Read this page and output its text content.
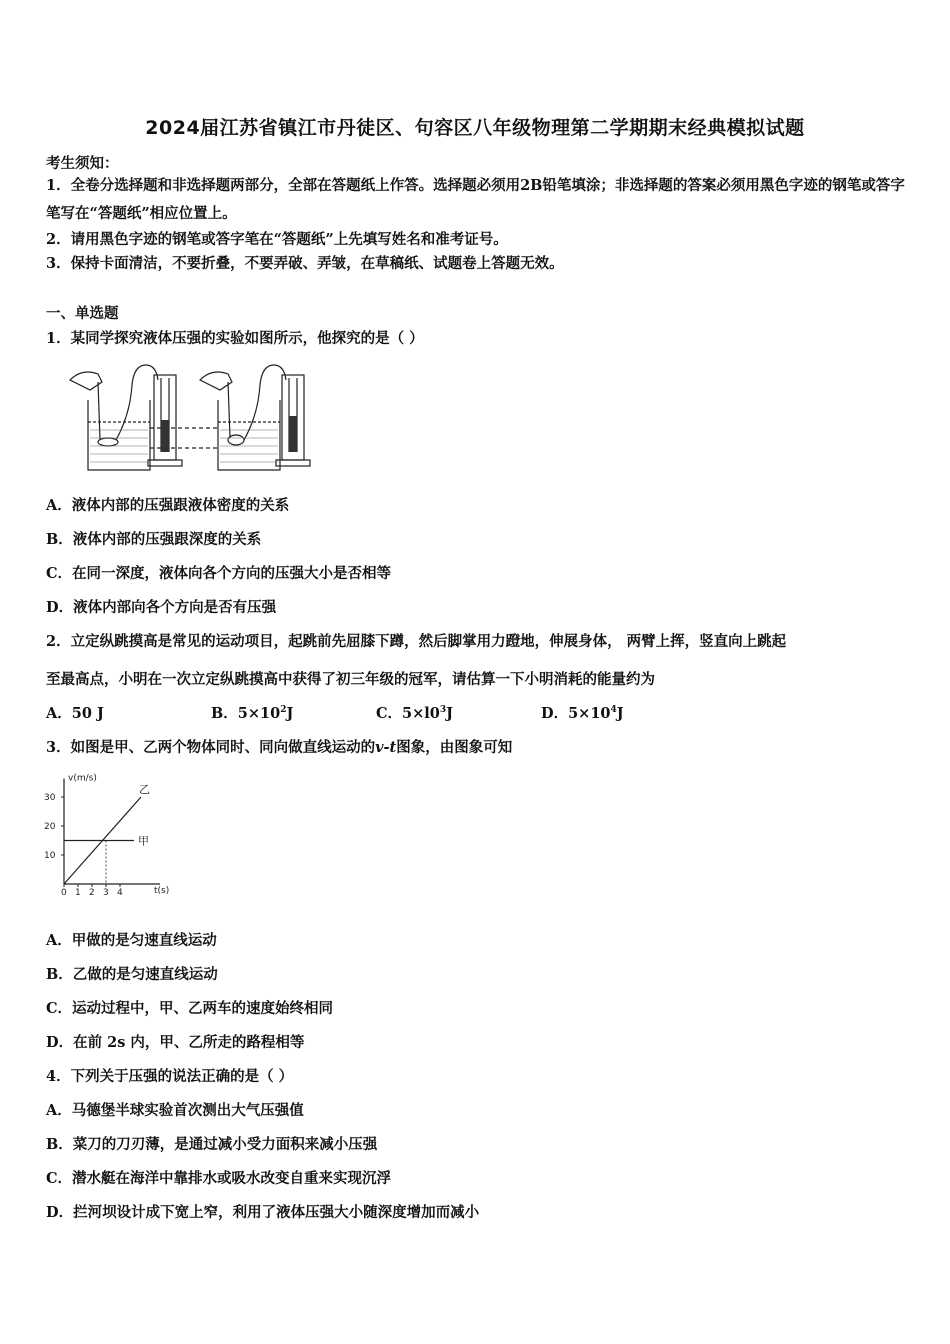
2024届江苏省镇江市丹徒区、句容区八年级物理第二学期期末经典模拟试题
考生须知：
1．全卷分选择题和非选择题两部分，全部在答题纸上作答。选择题必须用2B铅笔填涂；非选择题的答案必须用黑色字迹的钢笔或答字笔写在“答题纸”相应位置上。
2．请用黑色字迹的钢笔或答字笔在“答题纸”上先填写姓名和准考证号。
3．保持卡面清洁，不要折叠，不要弄破、弄皱，在草稿纸、试题卷上答题无效。
一、单选题
1．某同学探究液体压强的实验如图所示，他探究的是（ ）
A．液体内部的压强跟液体密度的关系
B．液体内部的压强跟深度的关系
C．在同一深度，液体向各个方向的压强大小是否相等
D．液体内部向各个方向是否有压强
2．立定纵跳摸高是常见的运动项目，起跳前先屈膝下蹲，然后脚掌用力蹬地，伸展身体， 两臂上挥，竖直向上跳起
至最高点，小明在一次立定纵跳摸高中获得了初三年级的冠军，请估算一下小明消耗的能量约为
A．50 J	B．$5\times 10^2J$	C．$5\times l0^3J$	D．$5\times 10^4J$
3．如图是甲、乙两个物体同时、同向做直线运动的v-t图象，由图象可知
v(m/s)
t(s)
10
20
30
0 1 2 3 4
甲
乙
A．甲做的是匀速直线运动
B．乙做的是匀速直线运动
C．运动过程中，甲、乙两车的速度始终相同
D．在前 2s 内，甲、乙所走的路程相等
4．下列关于压强的说法正确的是（ ）
A．马德堡半球实验首次测出大气压强值
B．菜刀的刀刃薄，是通过减小受力面积来减小压强
C．潜水艇在海洋中靠排水或吸水改变自重来实现沉浮
D．拦河坝设计成下宽上窄，利用了液体压强大小随深度增加而减小
